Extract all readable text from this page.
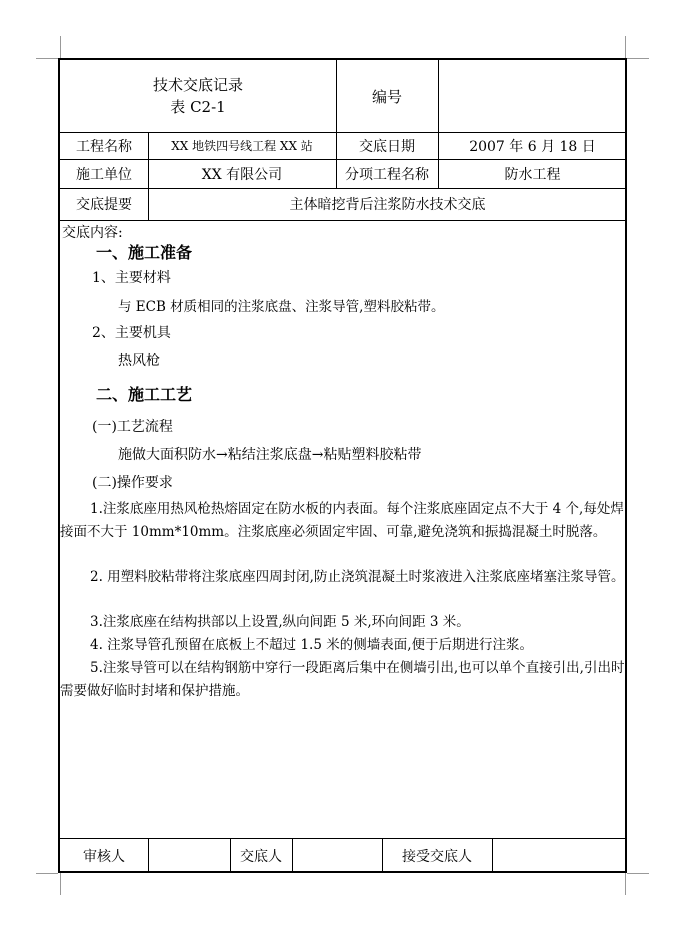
技术交底记录
表 C2-1
编号
工程名称	XX 地铁四号线工程 XX 站	交底日期	2007 年 6 月 18 日
施工单位	XX 有限公司	分项工程名称	防水工程
交底提要	主体暗挖背后注浆防水技术交底
交底内容:
一、施工准备
1、主要材料
与 ECB 材质相同的注浆底盘、注浆导管,塑料胶粘带。
2、主要机具
热风枪
二、施工工艺
(一)工艺流程
施做大面积防水→粘结注浆底盘→粘贴塑料胶粘带
(二)操作要求
1.注浆底座用热风枪热熔固定在防水板的内表面。每个注浆底座固定点不大于 4 个,每处焊接面不大于 10mm*10mm。注浆底座必须固定牢固、可靠,避免浇筑和振捣混凝土时脱落。
2. 用塑料胶粘带将注浆底座四周封闭,防止浇筑混凝土时浆液进入注浆底座堵塞注浆导管。
3.注浆底座在结构拱部以上设置,纵向间距 5 米,环向间距 3 米。
4. 注浆导管孔预留在底板上不超过 1.5 米的侧墙表面,便于后期进行注浆。
5.注浆导管可以在结构钢筋中穿行一段距离后集中在侧墙引出,也可以单个直接引出,引出时需要做好临时封堵和保护措施。
审核人	交底人	接受交底人
